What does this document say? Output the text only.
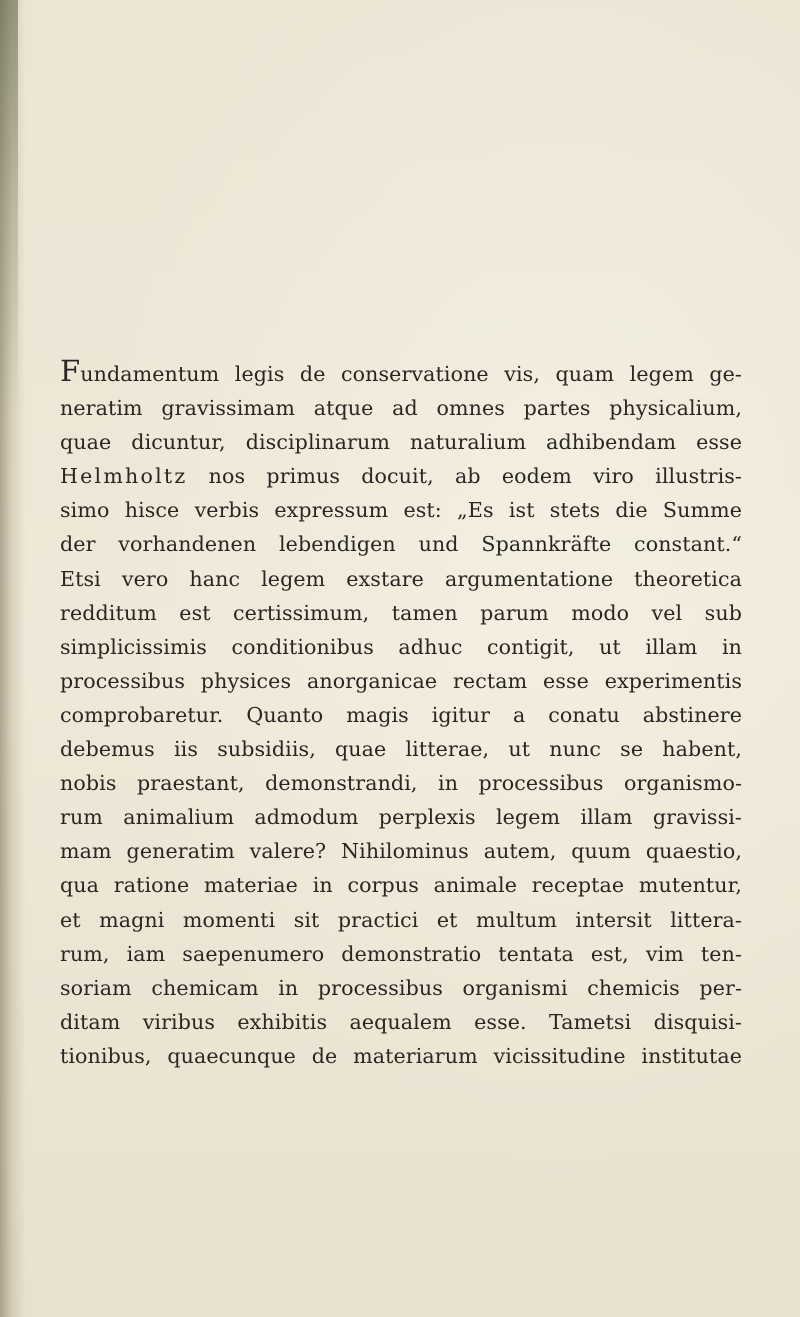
Fundamentum legis de conservatione vis, quam legem ge-
neratim gravissimam atque ad omnes partes physicalium,
quae dicuntur, disciplinarum naturalium adhibendam esse
Helmholtz nos primus docuit, ab eodem viro illustris-
simo hisce verbis expressum est: „Es ist stets die Summe
der vorhandenen lebendigen und Spannkräfte constant.“
Etsi vero hanc legem exstare argumentatione theoretica
redditum est certissimum, tamen parum modo vel sub
simplicissimis conditionibus adhuc contigit, ut illam in
processibus physices anorganicae rectam esse experimentis
comprobaretur. Quanto magis igitur a conatu abstinere
debemus iis subsidiis, quae litterae, ut nunc se habent,
nobis praestant, demonstrandi, in processibus organismo-
rum animalium admodum perplexis legem illam gravissi-
mam generatim valere? Nihilominus autem, quum quaestio,
qua ratione materiae in corpus animale receptae mutentur,
et magni momenti sit practici et multum intersit littera-
rum, iam saepenumero demonstratio tentata est, vim ten-
soriam chemicam in processibus organismi chemicis per-
ditam viribus exhibitis aequalem esse. Tametsi disquisi-
tionibus, quaecunque de materiarum vicissitudine institutae
